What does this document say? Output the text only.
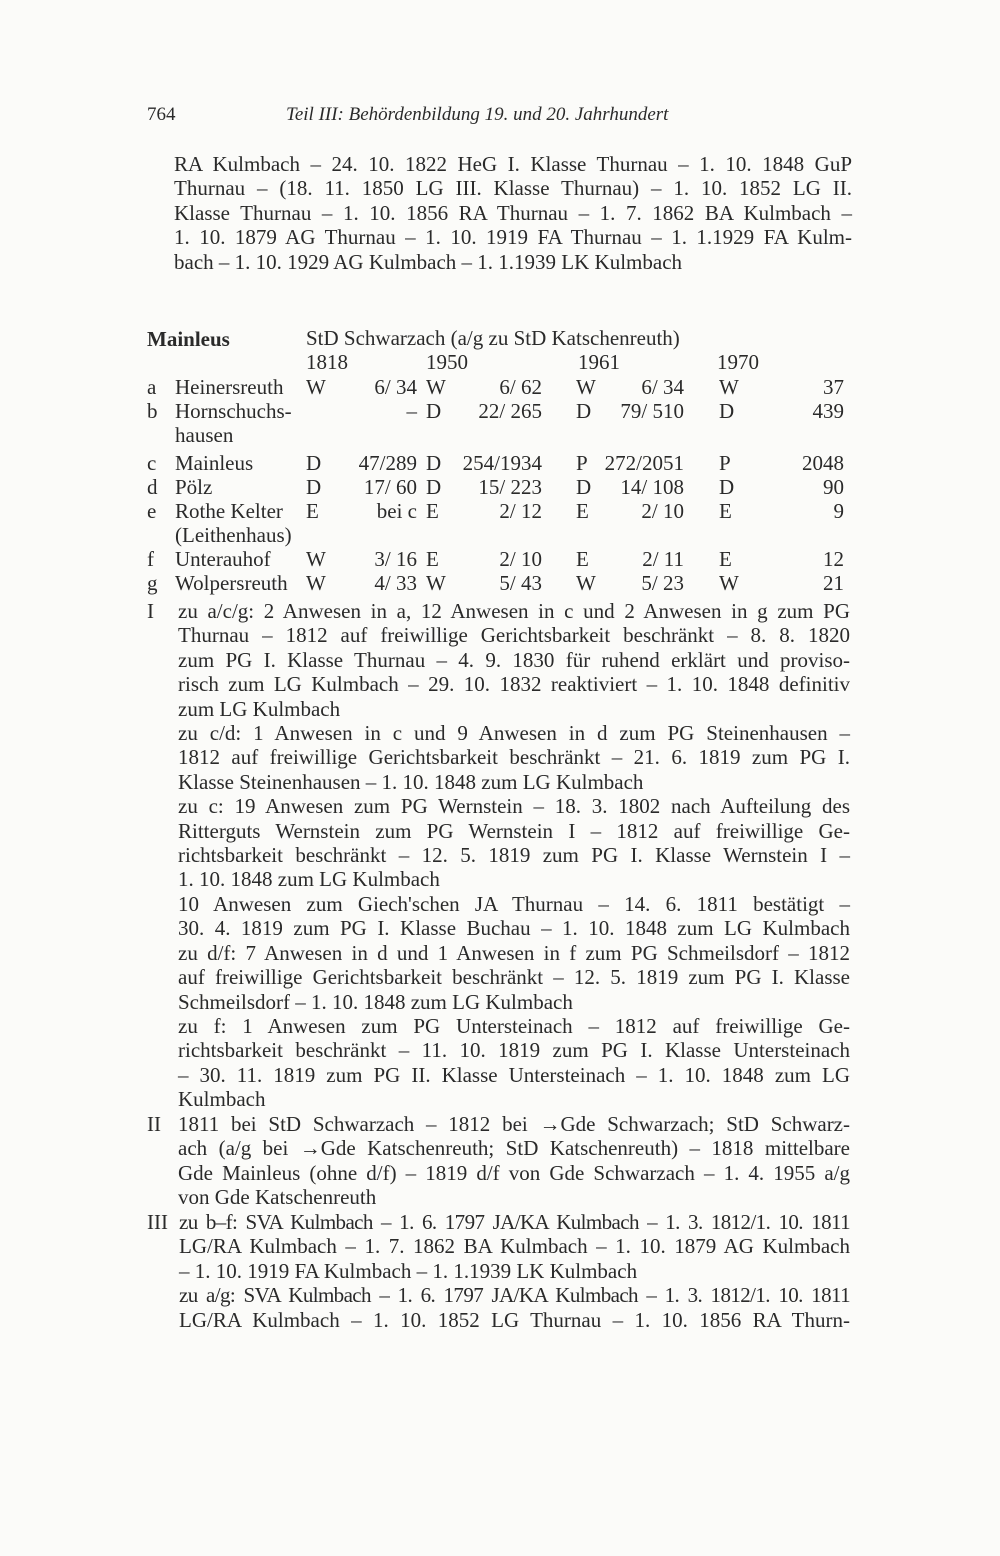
764	Teil III: Behördenbildung 19. und 20. Jahrhundert
RA Kulmbach – 24. 10. 1822 HeG I. Klasse Thurnau – 1. 10. 1848 GuP
Thurnau – (18. 11. 1850 LG III. Klasse Thurnau) – 1. 10. 1852 LG II.
Klasse Thurnau – 1. 10. 1856 RA Thurnau – 1. 7. 1862 BA Kulmbach –
1. 10. 1879 AG Thurnau – 1. 10. 1919 FA Thurnau – 1. 1.1929 FA Kulm-
bach – 1. 10. 1929 AG Kulmbach – 1. 1.1939 LK Kulmbach
Mainleus	StD Schwarzach (a/g zu StD Katschenreuth)
1818	1950	1961	1970
a Heinersreuth	W	6/ 34 W	6/ 62 W	6/ 34 W	37
b Hornschuchs-	– D	22/ 265 D	79/ 510 D	439
hausen
c Mainleus	D	47/289 D	254/1934 P 272/2051 P	2048
d Pölz	D	17/ 60 D	15/ 223 D	14/ 108 D	90
e Rothe Kelter	E	bei c E	2/ 12 E	2/ 10 E	9
(Leithenhaus)
f	Unterauhof	W	3/ 16 E	2/ 10 E	2/ 11 E	12
g Wolpersreuth W	4/ 33 W	5/ 43 W	5/ 23 W	21
I zu a/c/g: 2 Anwesen in a, 12 Anwesen in c und 2 Anwesen in g zum PG
Thurnau – 1812 auf freiwillige Gerichtsbarkeit beschränkt – 8. 8. 1820
zum PG I. Klasse Thurnau – 4. 9. 1830 für ruhend erklärt und proviso-
risch zum LG Kulmbach – 29. 10. 1832 reaktiviert – 1. 10. 1848 definitiv
zum LG Kulmbach
zu c/d: 1 Anwesen in c und 9 Anwesen in d zum PG Steinenhausen –
1812 auf freiwillige Gerichtsbarkeit beschränkt – 21. 6. 1819 zum PG I.
Klasse Steinenhausen – 1. 10. 1848 zum LG Kulmbach
zu c: 19 Anwesen zum PG Wernstein – 18. 3. 1802 nach Aufteilung des
Ritterguts Wernstein zum PG Wernstein I – 1812 auf freiwillige Ge-
richtsbarkeit beschränkt – 12. 5. 1819 zum PG I. Klasse Wernstein I –
1. 10. 1848 zum LG Kulmbach
10 Anwesen zum Giech'schen JA Thurnau – 14. 6. 1811 bestätigt –
30. 4. 1819 zum PG I. Klasse Buchau – 1. 10. 1848 zum LG Kulmbach
zu d/f: 7 Anwesen in d und 1 Anwesen in f zum PG Schmeilsdorf – 1812
auf freiwillige Gerichtsbarkeit beschränkt – 12. 5. 1819 zum PG I. Klasse
Schmeilsdorf – 1. 10. 1848 zum LG Kulmbach
zu f: 1 Anwesen zum PG Untersteinach – 1812 auf freiwillige Ge-
richtsbarkeit beschränkt – 11. 10. 1819 zum PG I. Klasse Untersteinach
– 30. 11. 1819 zum PG II. Klasse Untersteinach – 1. 10. 1848 zum LG
Kulmbach
II 1811 bei StD Schwarzach – 1812 bei →Gde Schwarzach; StD Schwarz-
ach (a/g bei →Gde Katschenreuth; StD Katschenreuth) – 1818 mittelbare
Gde Mainleus (ohne d/f) – 1819 d/f von Gde Schwarzach – 1. 4. 1955 a/g
von Gde Katschenreuth
III zu b–f: SVA Kulmbach – 1. 6. 1797 JA/KA Kulmbach – 1. 3. 1812/1. 10. 1811
LG/RA Kulmbach – 1. 7. 1862 BA Kulmbach – 1. 10. 1879 AG Kulmbach
– 1. 10. 1919 FA Kulmbach – 1. 1.1939 LK Kulmbach
zu a/g: SVA Kulmbach – 1. 6. 1797 JA/KA Kulmbach – 1. 3. 1812/1. 10. 1811
LG/RA Kulmbach – 1. 10. 1852 LG Thurnau – 1. 10. 1856 RA Thurn-
